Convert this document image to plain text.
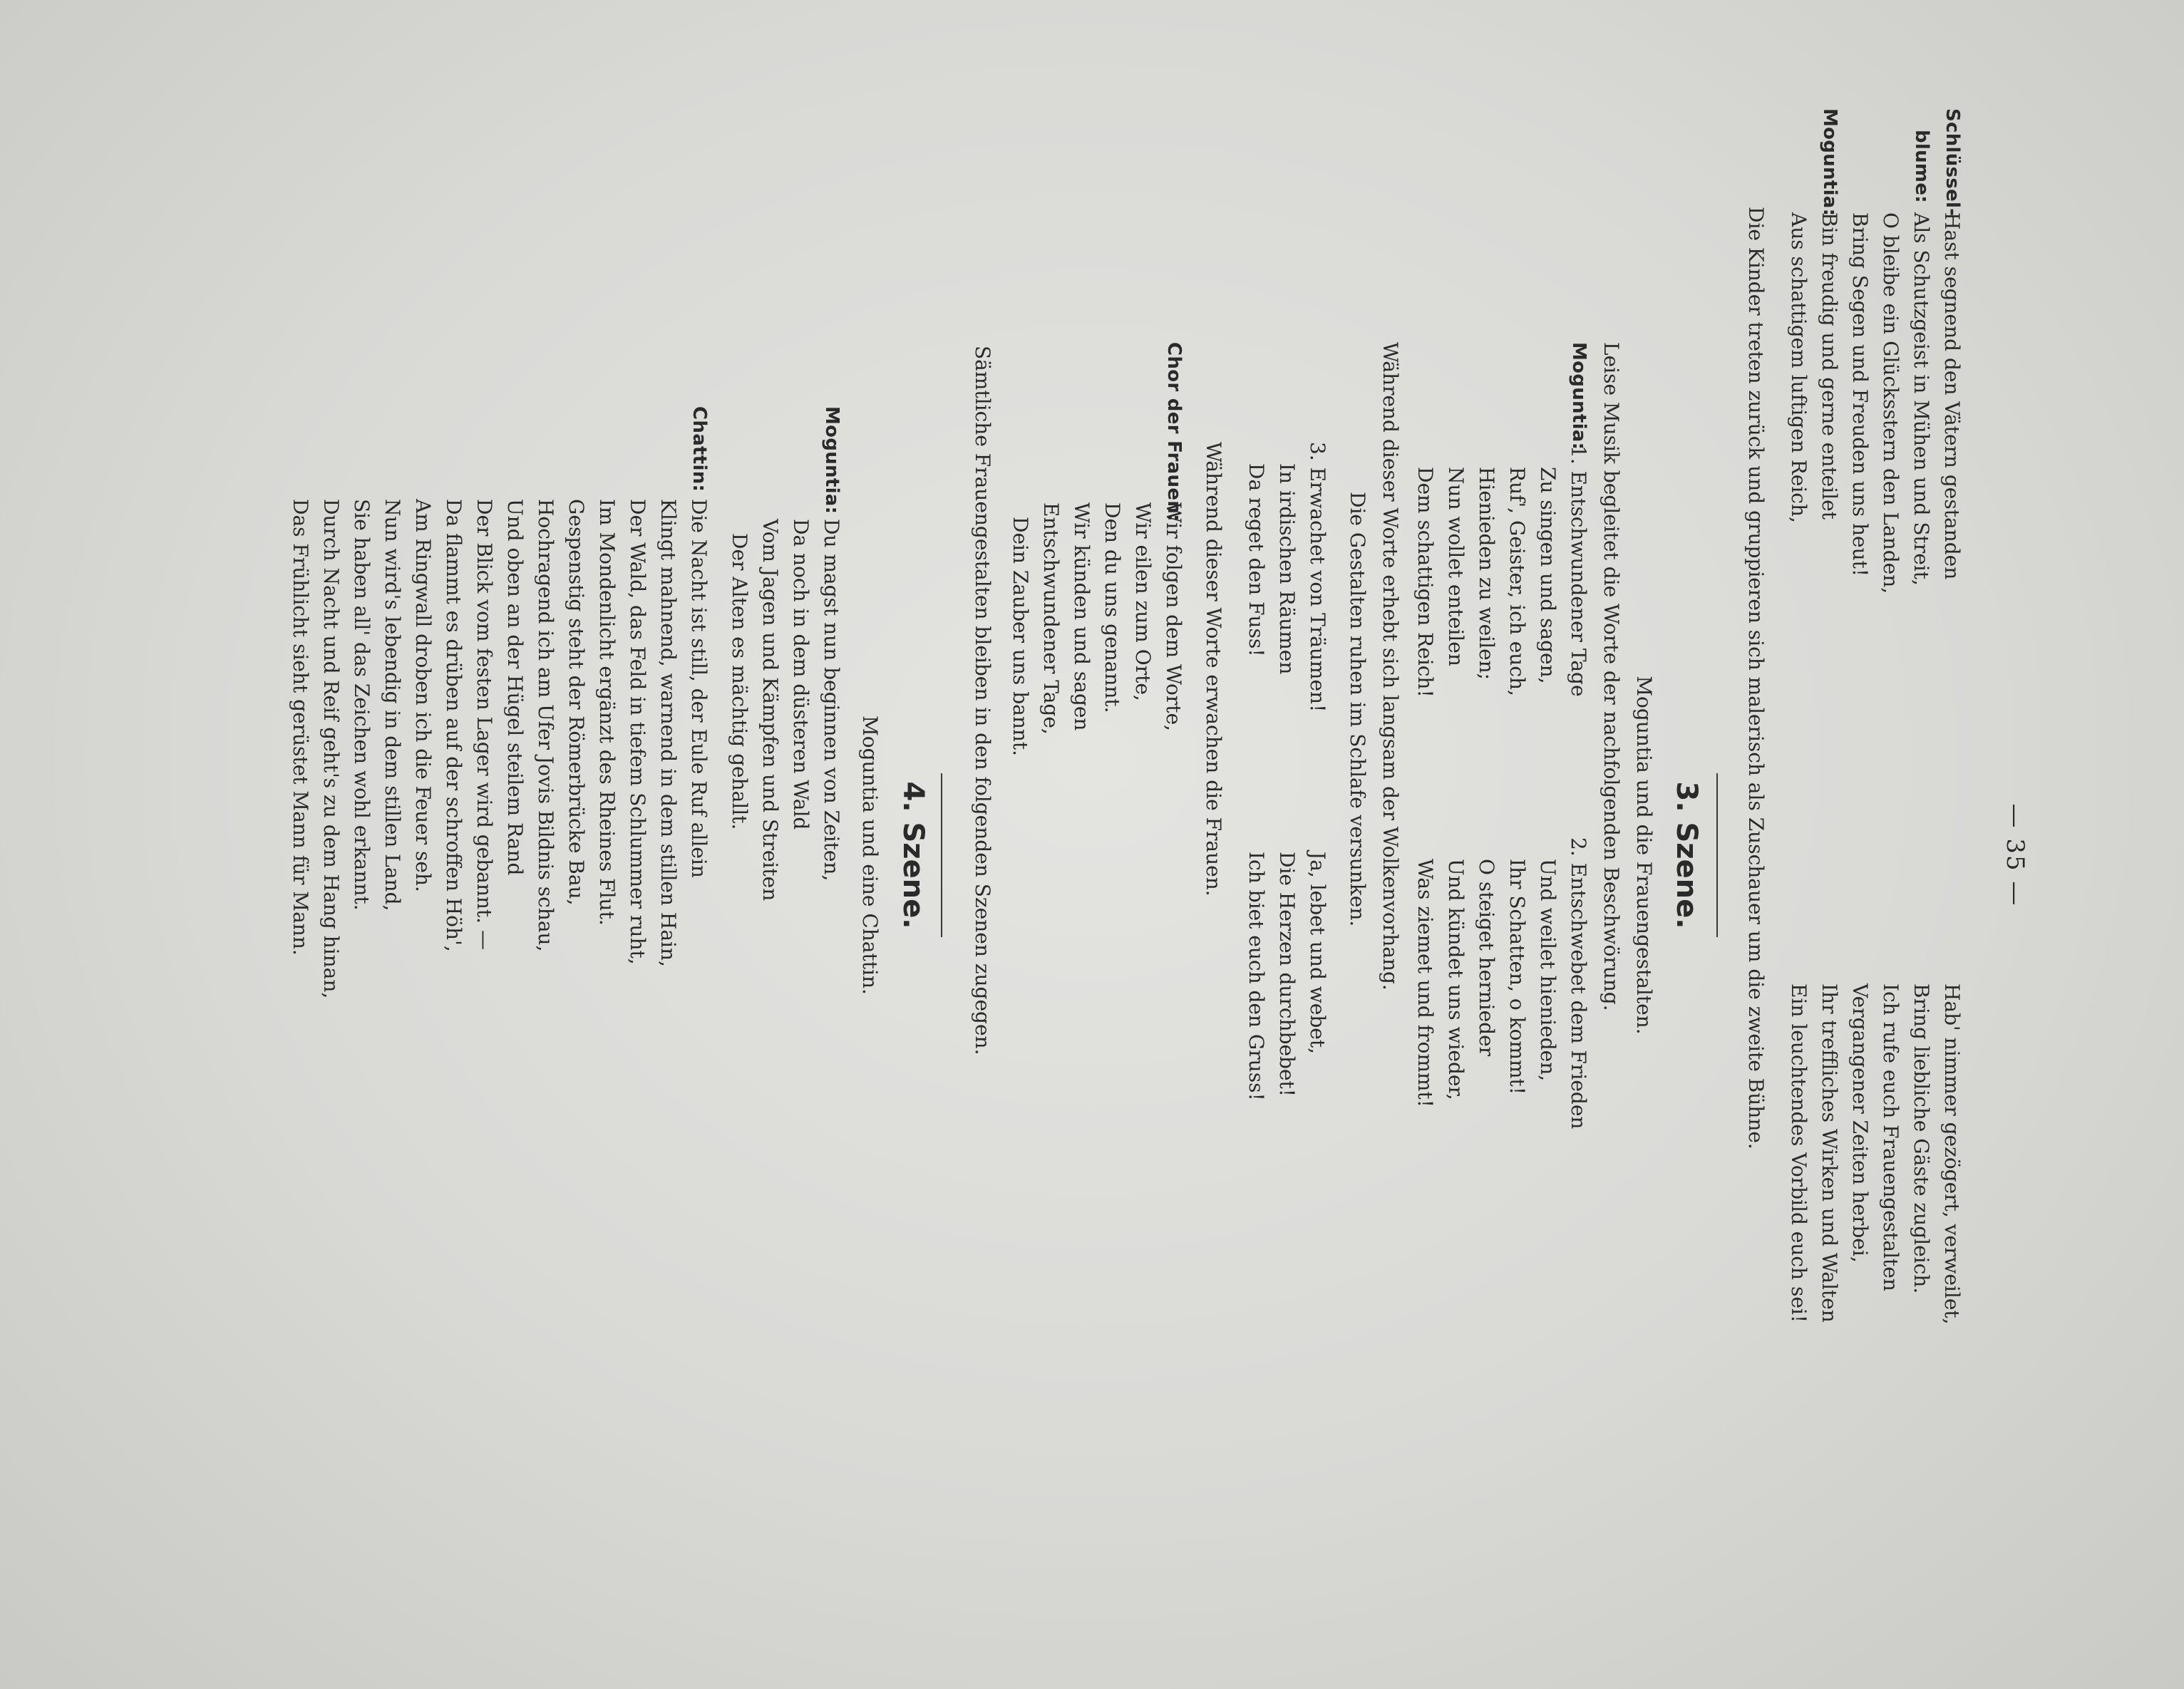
— 35 —
Schlüssel-
blume:
Moguntia:
Hast segnend den Vätern gestanden
Als Schutzgeist in Mühen und Streit,
O bleibe ein Glücksstern den Landen,
Bring Segen und Freuden uns heut!
Bin freudig und gerne enteilet
Aus schattigem luftigen Reich,
Hab' nimmer gezögert, verweilet,
Bring liebliche Gäste zugleich.
Ich rufe euch Frauengestalten
Vergangener Zeiten herbei,
Ihr treffliches Wirken und Walten
Ein leuchtendes Vorbild euch sei!
Die Kinder treten zurück und gruppieren sich malerisch als Zuschauer um die zweite Bühne.
3. Szene.
Moguntia und die Frauengestalten.
Leise Musik begleitet die Worte der nachfolgenden Beschwörung.
Moguntia:
1. Entschwundener Tage
Zu singen und sagen,
Ruf', Geister, ich euch,
Hienieden zu weilen;
Nun wollet enteilen
Dem schattigen Reich!
2. Entschwebet dem Frieden
Und weilet hienieden,
Ihr Schatten, o kommt!
O steiget hernieder
Und kündet uns wieder,
Was ziemet und frommt!
Während dieser Worte erhebt sich langsam der Wolkenvorhang.
Die Gestalten ruhen im Schlafe versunken.
3. Erwachet von Träumen!
In irdischen Räumen
Da reget den Fuss!
Ja, lebet und webet,
Die Herzen durchbebet!
Ich biet euch den Gruss!
Während dieser Worte erwachen die Frauen.
Chor der Frauen:
Wir folgen dem Worte,
Wir eilen zum Orte,
Den du uns genannt.
Wir künden und sagen
Entschwundener Tage,
Dein Zauber uns bannt.
Sämtliche Frauengestalten bleiben in den folgenden Szenen zugegen.
4. Szene.
Moguntia und eine Chattin.
Moguntia:
Du magst nun beginnen von Zeiten,
Da noch in dem düsteren Wald
Vom Jagen und Kämpfen und Streiten
Der Alten es mächtig gehallt.
Chattin:
Die Nacht ist still, der Eule Ruf allein
Klingt mahnend, warnend in dem stillen Hain,
Der Wald, das Feld in tiefem Schlummer ruht,
Im Mondenlicht ergänzt des Rheines Flut.
Gespenstig steht der Römerbrücke Bau,
Hochragend ich am Ufer Jovis Bildnis schau,
Und oben an der Hügel steilem Rand
Der Blick vom festen Lager wird gebannt. —
Da flammt es drüben auf der schroffen Höh',
Am Ringwall droben ich die Feuer seh.
Nun wird's lebendig in dem stillen Land,
Sie haben all' das Zeichen wohl erkannt.
Durch Nacht und Reif geht's zu dem Hang hinan,
Das Frühlicht sieht gerüstet Mann für Mann.
